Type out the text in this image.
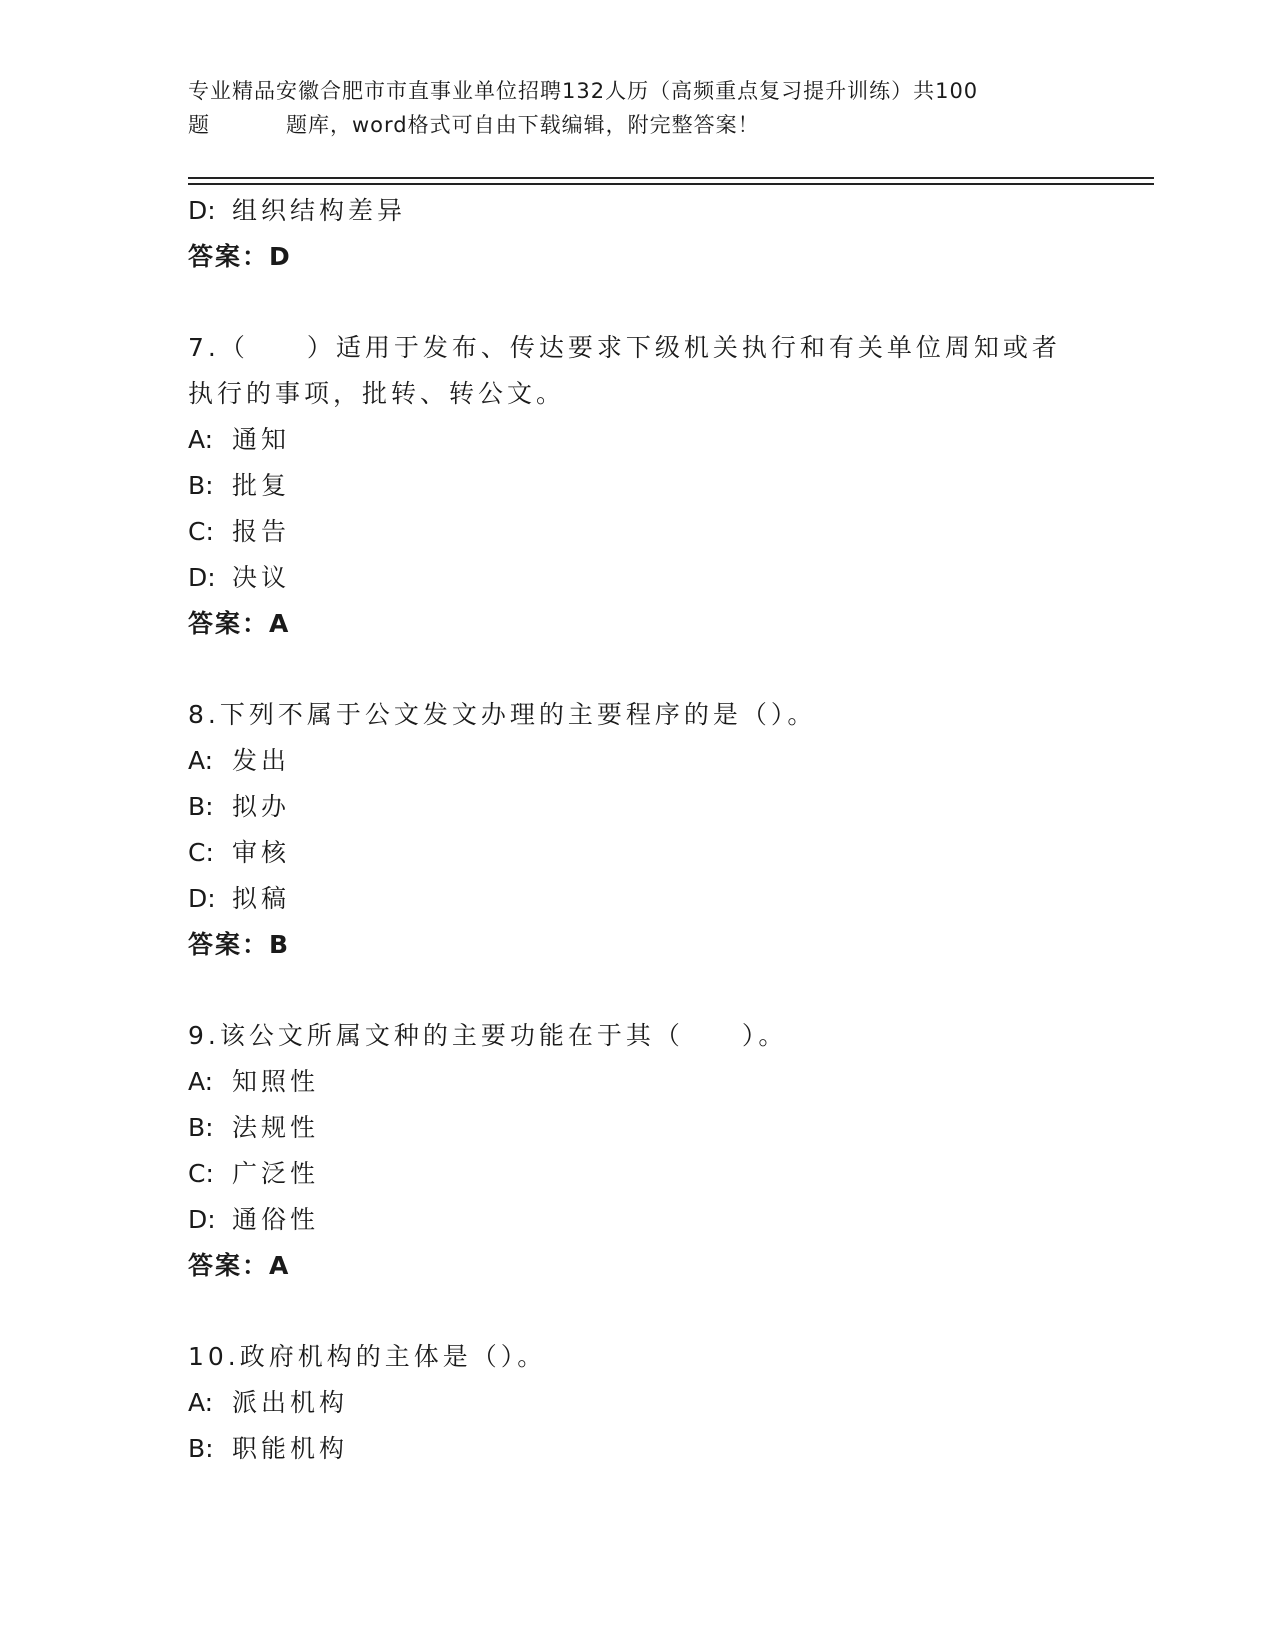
专业精品安徽合肥市市直事业单位招聘132人历（高频重点复习提升训练）共100
题	题库，word格式可自由下载编辑，附完整答案！
D: 组织结构差异
答案：D
7.（　　）适用于发布、传达要求下级机关执行和有关单位周知或者
执行的事项，批转、转公文。
A: 通知
B: 批复
C: 报告
D: 决议
答案：A
8.下列不属于公文发文办理的主要程序的是（）。
A: 发出
B: 拟办
C: 审核
D: 拟稿
答案：B
9.该公文所属文种的主要功能在于其（　　）。
A: 知照性
B: 法规性
C: 广泛性
D: 通俗性
答案：A
10.政府机构的主体是（）。
A: 派出机构
B: 职能机构
